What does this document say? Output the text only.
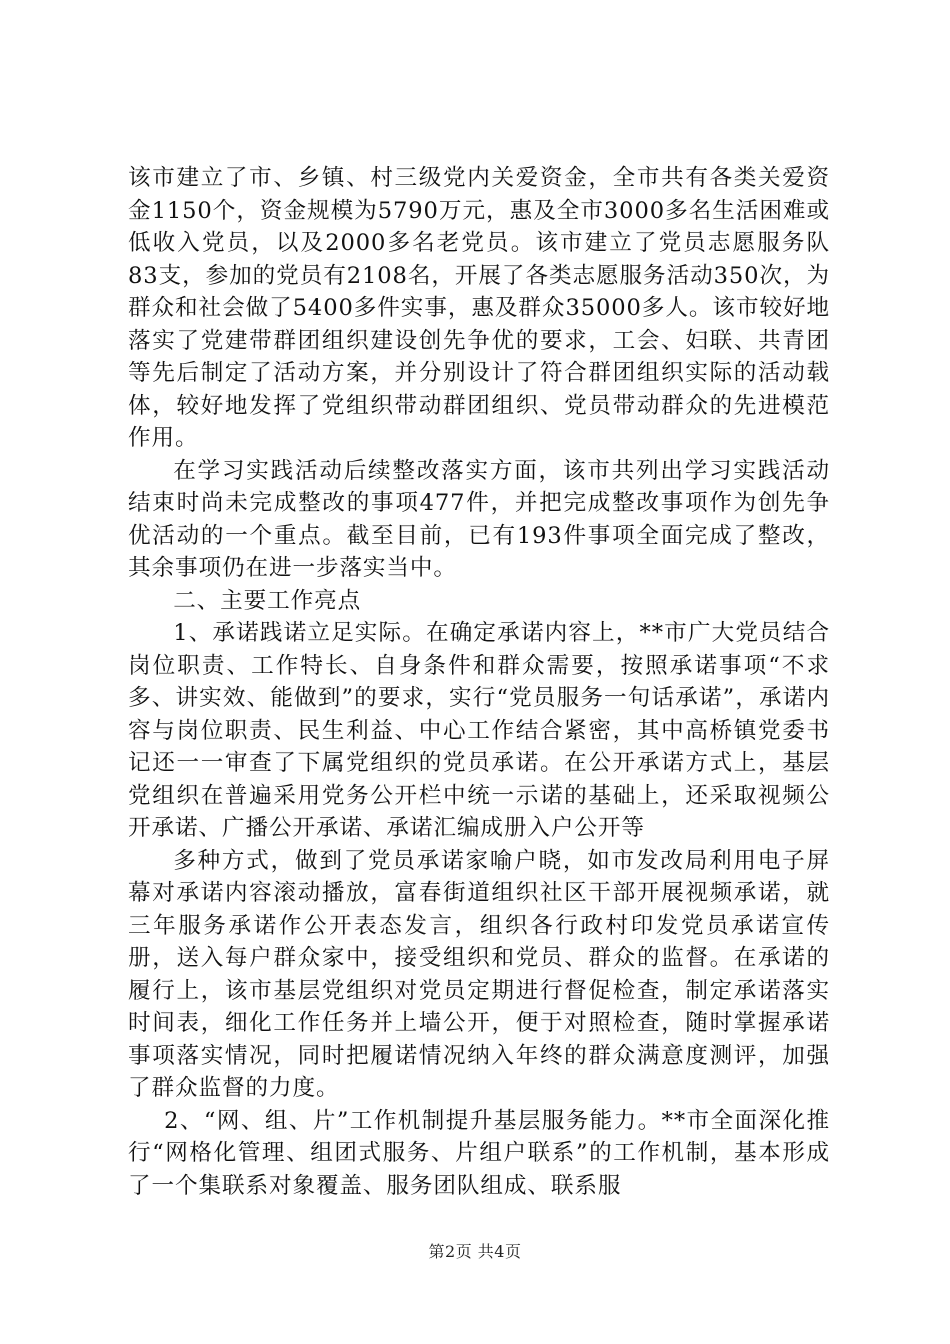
该市建立了市、乡镇、村三级党内关爱资金，全市共有各类关爱资金1150个，资金规模为5790万元，惠及全市3000多名生活困难或低收入党员，以及2000多名老党员。该市建立了党员志愿服务队83支，参加的党员有2108名，开展了各类志愿服务活动350次，为群众和社会做了5400多件实事，惠及群众35000多人。该市较好地落实了党建带群团组织建设创先争优的要求，工会、妇联、共青团等先后制定了活动方案，并分别设计了符合群团组织实际的活动载体，较好地发挥了党组织带动群团组织、党员带动群众的先进模范作用。

在学习实践活动后续整改落实方面，该市共列出学习实践活动结束时尚未完成整改的事项477件，并把完成整改事项作为创先争优活动的一个重点。截至目前，已有193件事项全面完成了整改，其余事项仍在进一步落实当中。

二、主要工作亮点

1、承诺践诺立足实际。在确定承诺内容上，**市广大党员结合岗位职责、工作特长、自身条件和群众需要，按照承诺事项“不求多、讲实效、能做到”的要求，实行“党员服务一句话承诺”，承诺内容与岗位职责、民生利益、中心工作结合紧密，其中高桥镇党委书记还一一审查了下属党组织的党员承诺。在公开承诺方式上，基层党组织在普遍采用党务公开栏中统一示诺的基础上，还采取视频公开承诺、广播公开承诺、承诺汇编成册入户公开等

多种方式，做到了党员承诺家喻户晓，如市发改局利用电子屏幕对承诺内容滚动播放，富春街道组织社区干部开展视频承诺，就三年服务承诺作公开表态发言，组织各行政村印发党员承诺宣传册，送入每户群众家中，接受组织和党员、群众的监督。在承诺的履行上，该市基层党组织对党员定期进行督促检查，制定承诺落实时间表，细化工作任务并上墙公开，便于对照检查，随时掌握承诺事项落实情况，同时把履诺情况纳入年终的群众满意度测评，加强了群众监督的力度。

2、“网、组、片”工作机制提升基层服务能力。**市全面深化推行“网格化管理、组团式服务、片组户联系”的工作机制，基本形成了一个集联系对象覆盖、服务团队组成、联系服

第2页 共4页
